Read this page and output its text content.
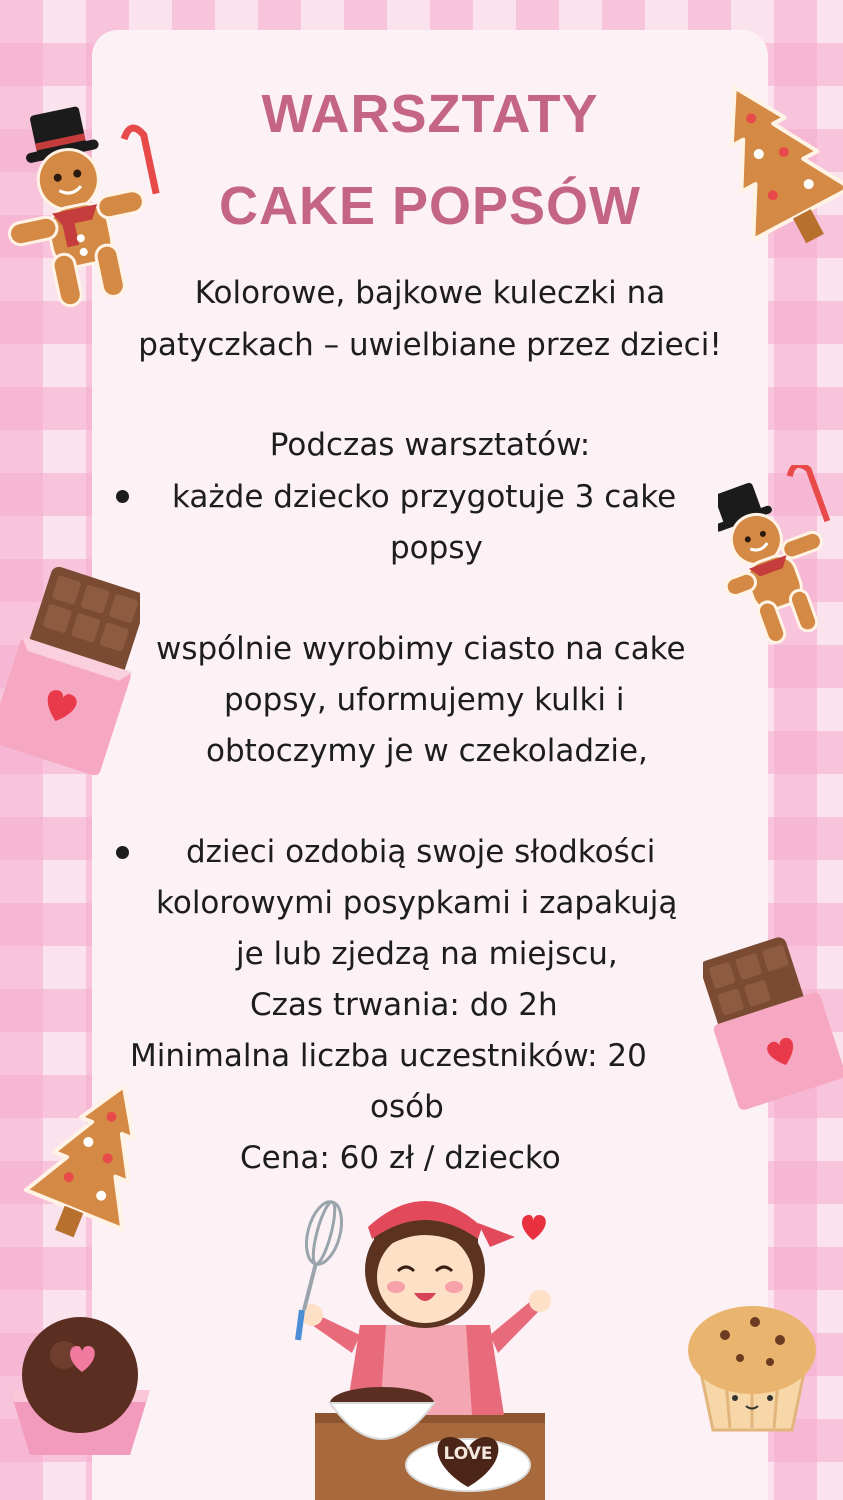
WARSZTATY
CAKE POPSÓW
Kolorowe, bajkowe kuleczki na
patyczkach – uwielbiane przez dzieci!
Podczas warsztatów:
każde dziecko przygotuje 3 cake
popsy
wspólnie wyrobimy ciasto na cake
popsy, uformujemy kulki i
obtoczymy je w czekoladzie,
dzieci ozdobią swoje słodkości
kolorowymi posypkami i zapakują
je lub zjedzą na miejscu,
Czas trwania: do 2h
Minimalna liczba uczestników: 20
osób
Cena: 60 zł / dziecko
LOVE
